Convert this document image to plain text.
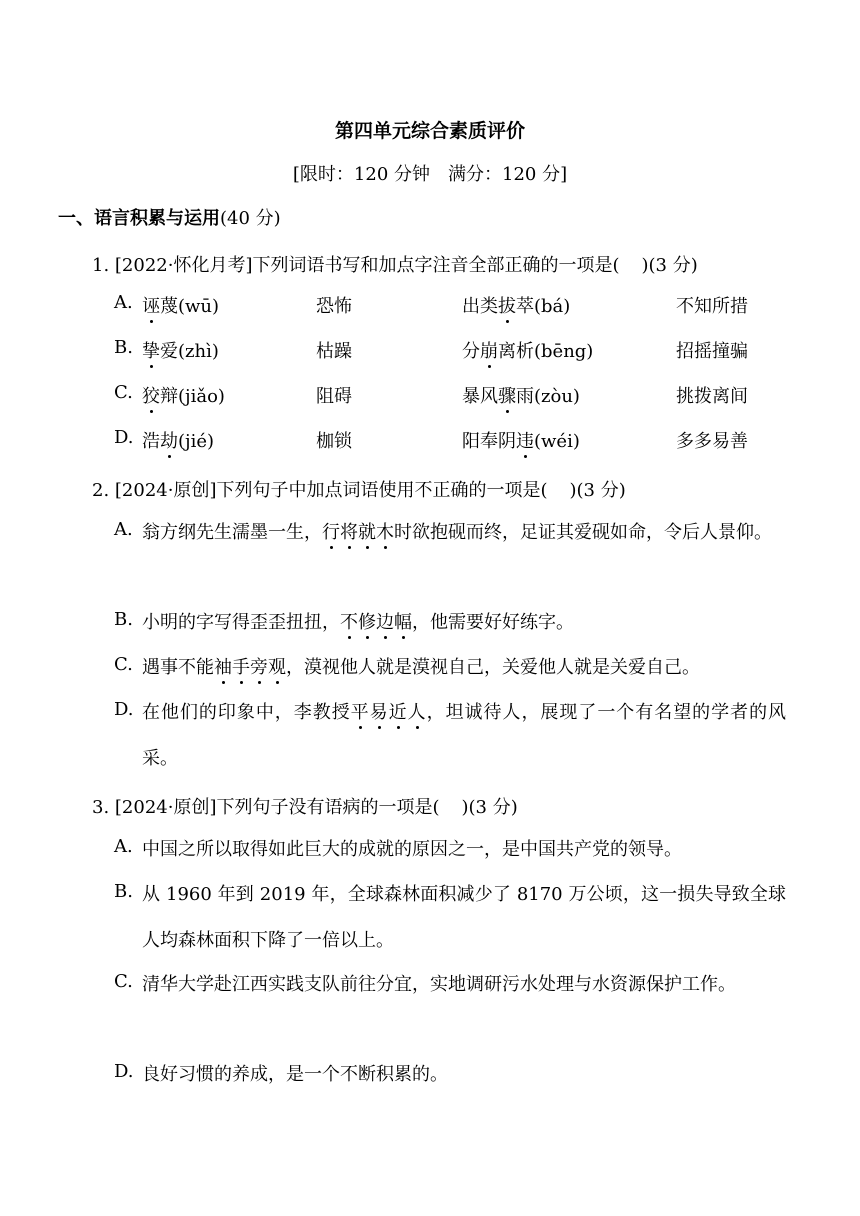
第四单元综合素质评价
[限时：120 分钟　满分：120 分]
一、语言积累与运用(40 分)
1. [2022·怀化月考]下列词语书写和加点字注音全部正确的一项是( )(3 分)
A. 诬蔑(wū)	恐怖	出类拔萃(bá)	不知所措
B. 挚爱(zhì)	枯躁	分崩离析(bēng)	招摇撞骗
C. 狡辩(jiǎo)	阻碍	暴风骤雨(zòu)	挑拨离间
D. 浩劫(jié)	枷锁	阳奉阴违(wéi)	多多易善
2. [2024·原创]下列句子中加点词语使用不正确的一项是( )(3 分)
A. 翁方纲先生濡墨一生，行将就木时欲抱砚而终，足证其爱砚如命，令后人景仰。
B. 小明的字写得歪歪扭扭，不修边幅，他需要好好练字。
C. 遇事不能袖手旁观，漠视他人就是漠视自己，关爱他人就是关爱自己。
D. 在他们的印象中，李教授平易近人，坦诚待人，展现了一个有名望的学者的风采。
3. [2024·原创]下列句子没有语病的一项是( )(3 分)
A. 中国之所以取得如此巨大的成就的原因之一，是中国共产党的领导。
B. 从 1960 年到 2019 年，全球森林面积减少了 8170 万公顷，这一损失导致全球人均森林面积下降了一倍以上。
C. 清华大学赴江西实践支队前往分宜，实地调研污水处理与水资源保护工作。
D. 良好习惯的养成，是一个不断积累的。
